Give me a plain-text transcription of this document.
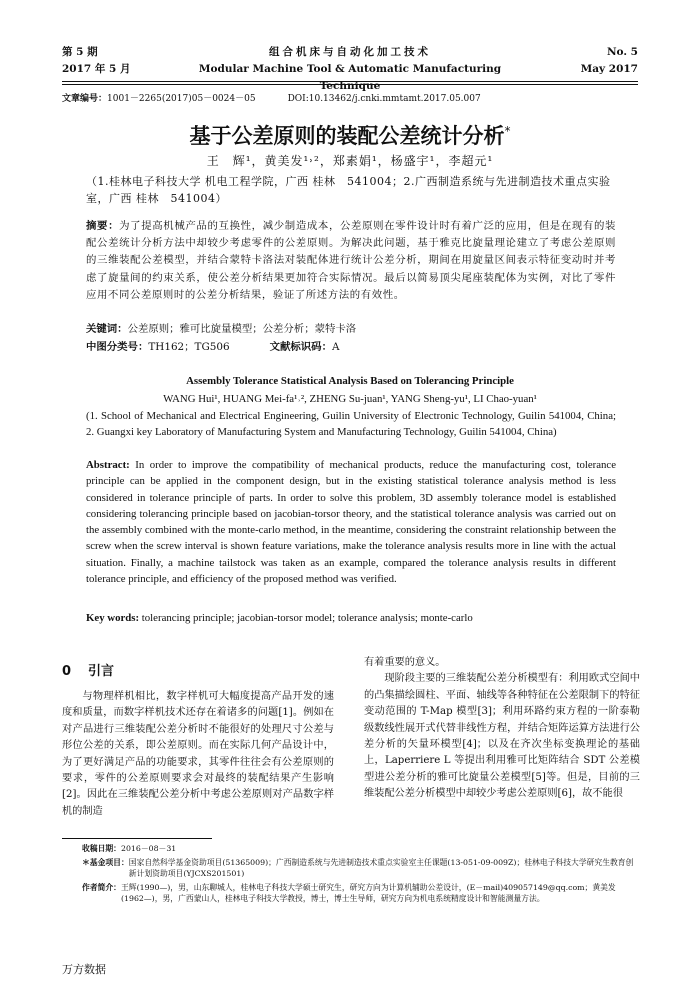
第 5 期
2017 年 5 月
组合机床与自动化加工技术
Modular Machine Tool & Automatic Manufacturing Technique
No. 5
May 2017
文章编号：1001－2265(2017)05－0024－05	DOI:10.13462/j.cnki.mmtamt.2017.05.007
基于公差原则的装配公差统计分析*
王　辉¹，黄美发¹˒²，郑素娟¹，杨盛宇¹，李超元¹
（1.桂林电子科技大学 机电工程学院，广西 桂林　541004；2.广西制造系统与先进制造技术重点实验室，广西 桂林　541004）
摘要：为了提高机械产品的互换性，减少制造成本，公差原则在零件设计时有着广泛的应用，但是在现有的装配公差统计分析方法中却较少考虑零件的公差原则。为解决此问题，基于雅克比旋量理论建立了考虑公差原则的三维装配公差模型，并结合蒙特卡洛法对装配体进行统计公差分析，期间在用旋量区间表示特征变动时并考虑了旋量间的约束关系，使公差分析结果更加符合实际情况。最后以简易顶尖尾座装配体为实例，对比了零件应用不同公差原则时的公差分析结果，验证了所述方法的有效性。
关键词：公差原则；雅可比旋量模型；公差分析；蒙特卡洛
中图分类号：TH162；TG506	文献标识码：A
Assembly Tolerance Statistical Analysis Based on Tolerancing Principle
WANG Hui¹, HUANG Mei-fa¹˒², ZHENG Su-juan¹, YANG Sheng-yu¹, LI Chao-yuan¹
(1. School of Mechanical and Electrical Engineering, Guilin University of Electronic Technology, Guilin 541004, China; 2. Guangxi key Laboratory of Manufacturing System and Manufacturing Technology, Guilin 541004, China)
Abstract: In order to improve the compatibility of mechanical products, reduce the manufacturing cost, tolerance principle can be applied in the component design, but in the existing statistical tolerance analysis method is less considered in tolerance principle of parts. In order to solve this problem, 3D assembly tolerance model is established considering tolerancing principle based on jacobian-torsor theory, and the statistical tolerance analysis was carried out on the assembly combined with the monte-carlo method, in the meantime, considering the constraint relationship between the screw when the screw interval is shown feature variations, make the tolerance analysis results more in line with the actual situation. Finally, a machine tailstock was taken as an example, compared the tolerance analysis results in different tolerance principle, and efficiency of the proposed method was verified.
Key words: tolerancing principle; jacobian-torsor model; tolerance analysis; monte-carlo
0 引言

与物理样机相比，数字样机可大幅度提高产品开发的速度和质量，而数字样机技术还存在着诸多的问题[1]。例如在对产品进行三维装配公差分析时不能很好的处理尺寸公差与形位公差的关系，即公差原则。而在实际几何产品设计中，为了更好满足产品的功能要求，其零件往往会有公差原则的要求，零件的公差原则要求会对最终的装配结果产生影响[2]。因此在三维装配公差分析中考虑公差原则对产品数字样机的制造

有着重要的意义。

现阶段主要的三维装配公差分析模型有：利用欧式空间中的凸集描绘圆柱、平面、轴线等各种特征在公差限制下的特征变动范围的 T-Map 模型[3]；利用环路约束方程的一阶泰勒级数线性展开式代替非线性方程，并结合矩阵运算方法进行公差分析的矢量环模型[4]；以及在齐次坐标变换理论的基础上，Laperriere L 等提出利用雅可比矩阵结合 SDT 公差模型进公差分析的雅可比旋量公差模型[5]等。但是，目前的三维装配公差分析模型中却较少考虑公差原则[6]，故不能很

收稿日期： 2016－08－31
＊基金项目： 国家自然科学基金资助项目(51365009)；广西制造系统与先进制造技术重点实验室主任课题(13-051-09-009Z)；桂林电子科技大学研究生教育创新计划资助项目(YJCXS201501)
作者简介： 王辉(1990—)，男，山东聊城人，桂林电子科技大学硕士研究生，研究方向为计算机辅助公差设计，(E－mail)409057149@qq.com；黄美发(1962—)，男，广西蒙山人，桂林电子科技大学教授，博士，博士生导师，研究方向为机电系统精度设计和智能测量方法。
万方数据
